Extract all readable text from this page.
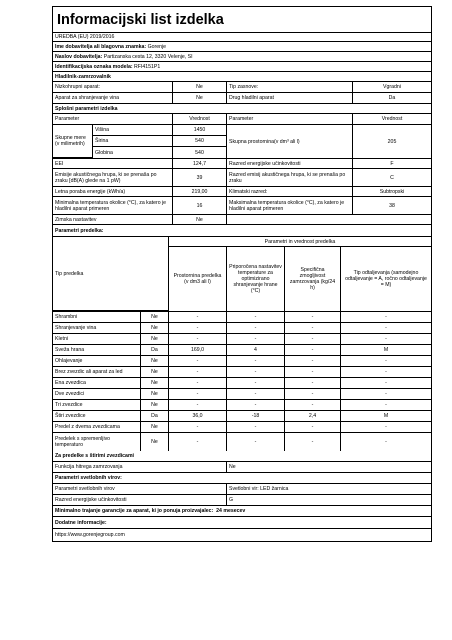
Informacijski list izdelka
UREDBA (EU) 2019/2016
Ime dobavitelja ali blagovna znamka:
Gorenje
Naslov dobavitelja:
Partizanska cesta 12, 3320 Velenje, SI
Identifikacijska oznaka modela:
RFI4151P1
Hladilnik-zamrzovalnik
Nizkohrupni aparat:	Ne	Tip zasnove:	Vgradni
Aparat za shranjevanje vina	Ne	Drug hladilni aparat	Da
Splošni parametri izdelka
Parameter	Vrednost	Parameter	Vrednost
Skupne mere (v milimetrih)
Višina	1450
Širina	540
Globina	540
Skupna prostornina(v dm³ ali l)	205
EEI	124,7	Razred energijske učinkovitosti	F
Emisije akustičnega hrupa, ki se prenaša po zraku [dB(A) glede na 1 pW)	39	Razred emisij akustičnega hrupa, ki se prenaša po zraku	C
Letna poraba energije (kWh/a)	219,00	Klimatski razred:	Subtropski
Minimalna temperatura okolice (°C), za katero je hladilni aparat primeren	16	Maksimalna temperatura okolice (°C), za katero je hladilni aparat primeren	38
Zimska nastavitev	Ne
Parametri predelka:
Tip predelka
Parametri in vrednost predelka
Prostornina predelka (v dm3 ali l)
Priporočena nastavitev temperature za optimizirano shranjevanje hrane (°C)
Specifična zmogljivost zamrzovanja (kg/24 h)
Tip odtaljevanja (samodejno odtaljevanje = A, ročno odtaljevanje = M)
Shrambni	Ne	-	-	-	-
Shranjevanje vina	Ne	-	-	-	-
Kletni	Ne	-	-	-	-
Sveža hrana	Da	169,0	4	-	M
Ohlajevanje	Ne	-	-	-	-
Brez zvezdic ali aparat za led	Ne	-	-	-	-
Ena zvezdica	Ne	-	-	-	-
Dve zvezdici	Ne	-	-	-	-
Tri zvezdice	Ne	-	-	-	-
Štiri zvezdice	Da	36,0	-18	2,4	M
Predel z dvema zvezdicama	Ne	-	-	-	-
Predelek s spremenljivo temperaturo	Ne	-	-	-	-
Za predelke s štirimi zvezdicami
Funkcija hitrega zamrzovanja	Ne
Parametri svetlobnih virov:
Parametri svetlobnih virov	Svetlobni vir: LED žarnica
Razred energijske učinkovitosti	G
Minimalno trajanje garancije za aparat, ki jo ponuja proizvajalec:
24 mesecev
Dodatne informacije:
https://www.gorenjegroup.com
